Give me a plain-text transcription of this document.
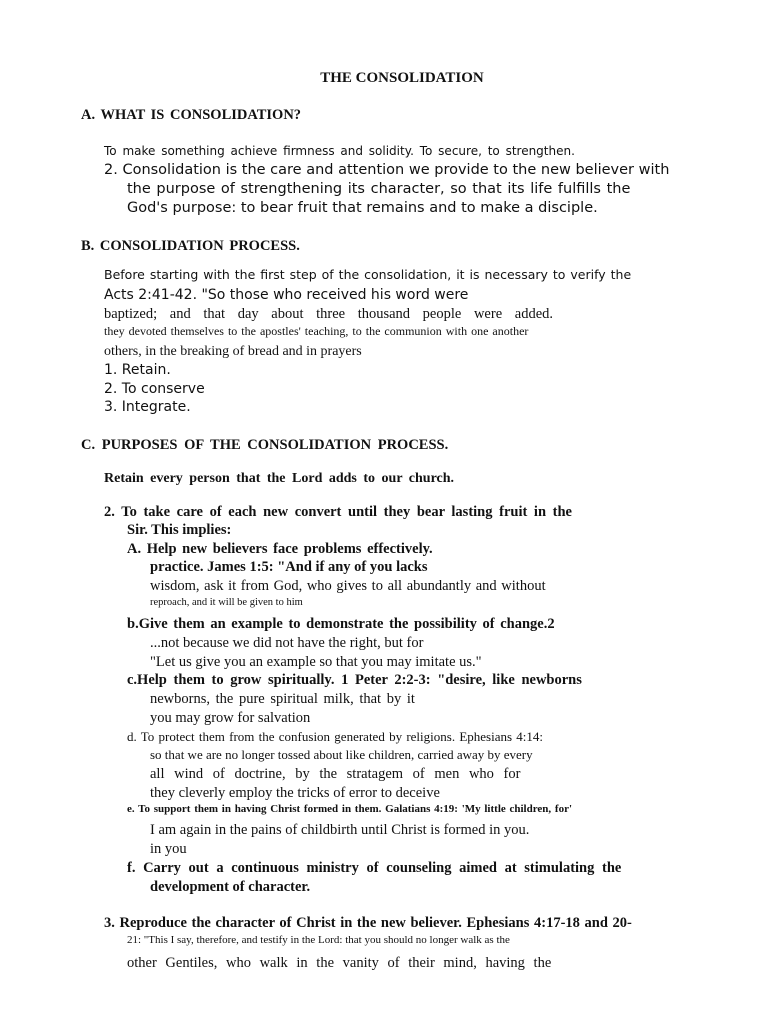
THE CONSOLIDATION
A. WHAT IS CONSOLIDATION?
To make something achieve firmness and solidity. To secure, to strengthen.
2. Consolidation is the care and attention we provide to the new believer with
the purpose of strengthening its character, so that its life fulfills the
God's purpose: to bear fruit that remains and to make a disciple.
B. CONSOLIDATION PROCESS.
Before starting with the first step of the consolidation, it is necessary to verify the
Acts 2:41-42. "So those who received his word were
baptized; and that day about three thousand people were added.
they devoted themselves to the apostles' teaching, to the communion with one another
others, in the breaking of bread and in prayers
1. Retain.
2. To conserve
3. Integrate.
C. PURPOSES OF THE CONSOLIDATION PROCESS.
Retain every person that the Lord adds to our church.
2. To take care of each new convert until they bear lasting fruit in the
Sir. This implies:
A. Help new believers face problems effectively.
practice. James 1:5: "And if any of you lacks
wisdom, ask it from God, who gives to all abundantly and without
reproach, and it will be given to him
b.Give them an example to demonstrate the possibility of change.2
...not because we did not have the right, but for
"Let us give you an example so that you may imitate us."
c.Help them to grow spiritually. 1 Peter 2:2-3: "desire, like newborns
newborns, the pure spiritual milk, that by it
you may grow for salvation
d. To protect them from the confusion generated by religions. Ephesians 4:14:
so that we are no longer tossed about like children, carried away by every
all wind of doctrine, by the stratagem of men who for
they cleverly employ the tricks of error to deceive
e. To support them in having Christ formed in them. Galatians 4:19: 'My little children, for'
I am again in the pains of childbirth until Christ is formed in you.
in you
f. Carry out a continuous ministry of counseling aimed at stimulating the
development of character.
3. Reproduce the character of Christ in the new believer. Ephesians 4:17-18 and 20-
21: "This I say, therefore, and testify in the Lord: that you should no longer walk as the
other Gentiles, who walk in the vanity of their mind, having the
